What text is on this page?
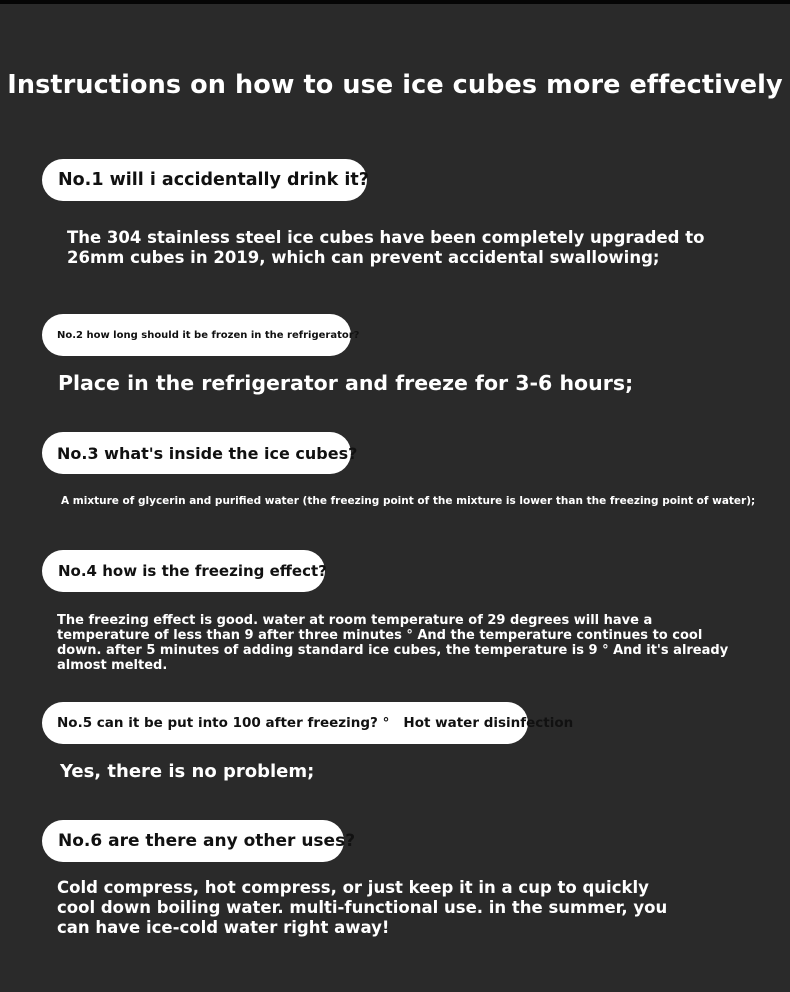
Instructions on how to use ice cubes more effectively
No.1 will i accidentally drink it?

The 304 stainless steel ice cubes have been completely upgraded to 26mm cubes in 2019, which can prevent accidental swallowing;

No.2 how long should it be frozen in the refrigerator?

Place in the refrigerator and freeze for 3-6 hours;

No.3 what's inside the ice cubes?

A mixture of glycerin and purified water (the freezing point of the mixture is lower than the freezing point of water);

No.4 how is the freezing effect?

The freezing effect is good. water at room temperature of 29 degrees will have a temperature of less than 9 after three minutes ° And the temperature continues to cool down. after 5 minutes of adding standard ice cubes, the temperature is 9 ° And it's already almost melted.

No.5 can it be put into 100 after freezing? °   Hot water disinfection

Yes, there is no problem;

No.6 are there any other uses?

Cold compress, hot compress, or just keep it in a cup to quickly cool down boiling water. multi-functional use. in the summer, you can have ice-cold water right away!
